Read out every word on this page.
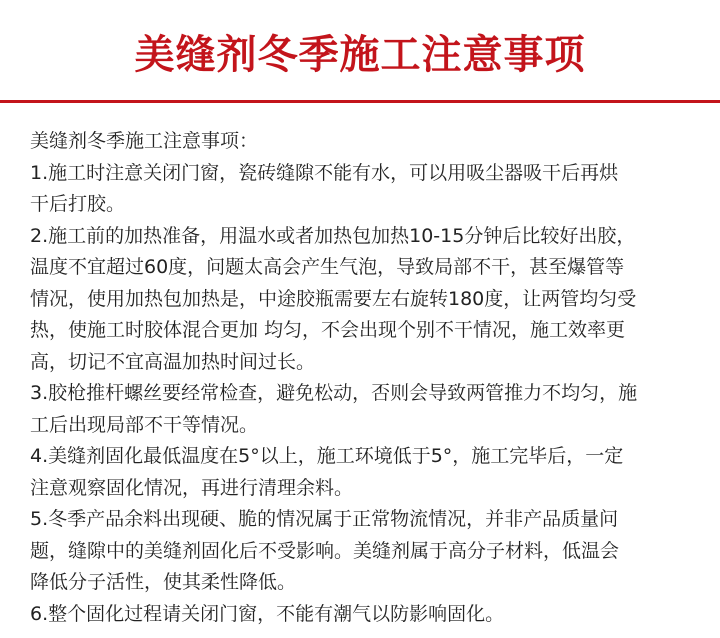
美缝剂冬季施工注意事项
美缝剂冬季施工注意事项：
1.施工时注意关闭门窗，瓷砖缝隙不能有水，可以用吸尘器吸干后再烘
干后打胶。
2.施工前的加热准备，用温水或者加热包加热10-15分钟后比较好出胶，
温度不宜超过60度，问题太高会产生气泡，导致局部不干，甚至爆管等
情况，使用加热包加热是，中途胶瓶需要左右旋转180度，让两管均匀受
热，使施工时胶体混合更加 均匀，不会出现个别不干情况，施工效率更
高，切记不宜高温加热时间过长。
3.胶枪推杆螺丝要经常检查，避免松动，否则会导致两管推力不均匀，施
工后出现局部不干等情况。
4.美缝剂固化最低温度在5°以上，施工环境低于5°，施工完毕后，一定
注意观察固化情况，再进行清理余料。
5.冬季产品余料出现硬、脆的情况属于正常物流情况，并非产品质量问
题，缝隙中的美缝剂固化后不受影响。美缝剂属于高分子材料，低温会
降低分子活性，使其柔性降低。
6.整个固化过程请关闭门窗，不能有潮气以防影响固化。
